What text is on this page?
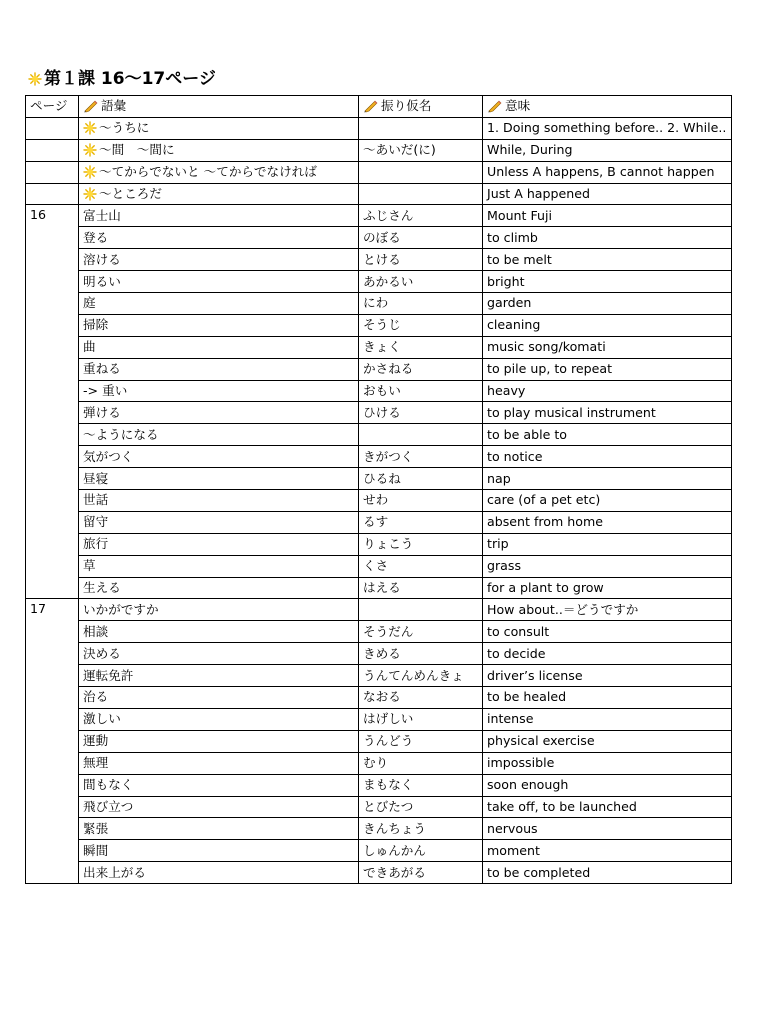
第１課 16〜17ページ
ページ	語彙	振り仮名	意味

	〜うちに		1. Doing something before.. 2. While..

	〜間　〜間に	〜あいだ(に)	While, During

	〜てからでないと 〜てからでなければ		Unless A happens, B cannot happen

	〜ところだ		Just A happened
16	富士山	ふじさん	Mount Fuji
	登る	のぼる	to climb
	溶ける	とける	to be melt
	明るい	あかるい	bright
	庭	にわ	garden
	掃除	そうじ	cleaning
	曲	きょく	music song/komati
	重ねる	かさねる	to pile up, to repeat
	-> 重い	おもい	heavy
	弾ける	ひける	to play musical instrument
	〜ようになる		to be able to
	気がつく	きがつく	to notice
	昼寝	ひるね	nap
	世話	せわ	care (of a pet etc)
	留守	るす	absent from home
	旅行	りょこう	trip
	草	くさ	grass
	生える	はえる	for a plant to grow
17	いかがですか		How about..＝どうですか
	相談	そうだん	to consult
	決める	きめる	to decide
	運転免許	うんてんめんきょ	driver’s license
	治る	なおる	to be healed
	激しい	はげしい	intense
	運動	うんどう	physical exercise
	無理	むり	impossible
	間もなく	まもなく	soon enough
	飛び立つ	とびたつ	take off, to be launched
	緊張	きんちょう	nervous
	瞬間	しゅんかん	moment
	出来上がる	できあがる	to be completed
